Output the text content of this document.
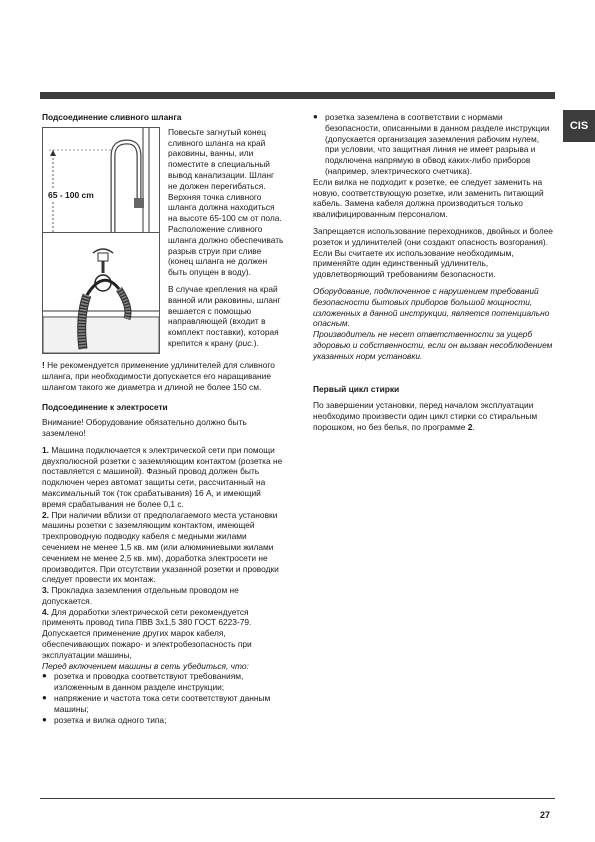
CIS
Подсоединение сливного шланга
65 - 100 cm

Повесьте загнутый конец сливного шланга на край раковины, ванны, или поместите в специальный вывод канализации. Шланг не должен перегибаться. Верхняя точка сливного шланга должна находиться на высоте 65-100 см от пола. Расположение сливного шланга должно обеспечивать разрыв струи при сливе (конец шланга не должен быть опущен в воду).

В случае крепления на край ванной или раковины, шланг вешается с помощью направляющей (входит в комплект поставки), которая крепится к крану (рис.).

! Не рекомендуется применение удлинителей для сливного шланга, при необходимости допускается его наращивание шлангом такого же диаметра и длиной не более 150 см.

Подсоединение к электросети

Внимание! Оборудование обязательно должно быть заземлено!

1. Машина подключается к электрической сети при помощи двухполюсной розетки с заземляющим контактом (розетка не поставляется с машиной). Фазный провод должен быть подключен через автомат защиты сети, рассчитанный на максимальный ток (ток срабатывания) 16 А, и имеющий время срабатывания не более 0,1 с.

2. При наличии вблизи от предполагаемого места установки машины розетки с заземляющим контактом, имеющей трехпроводную подводку кабеля с медными жилами сечением не менее 1,5 кв. мм (или алюминиевыми жилами сечением не менее 2,5 кв. мм), доработка электросети не производится. При отсутствии указанной розетки и проводки следует провести их монтаж.

3. Прокладка заземления отдельным проводом не допускается.

4. Для доработки электрической сети рекомендуется применять провод типа ПВВ 3х1,5 380 ГОСТ 6223-79. Допускается применение других марок кабеля, обеспечивающих пожаро- и электробезопасность при эксплуатации машины,

Перед включением машины в сеть убедиться, что:

● розетка и проводка соответствуют требованиям, изложенным в данном разделе инструкции;

● напряжение и частота тока сети соответствуют данным машины;

● розетка и вилка одного типа;

● розетка заземлена в соответствии с нормами безопасности, описанными в данном разделе инструкции (допускается организация заземления рабочим нулем, при условии, что защитная линия не имеет разрыва и подключена напрямую в обвод каких-либо приборов (например, электрического счетчика).

Если вилка не подходит к розетке, ее следует заменить на новую, соответствующую розетке, или заменить питающий кабель. Замена кабеля должна производиться только квалифицированным персоналом.

Запрещается использование переходников, двойных и более розеток и удлинителей (они создают опасность возгорания). Если Вы считаете их использование необходимым, применяйте один единственный удлинитель, удовлетворяющий требованиям безопасности.

Оборудование, подключенное с нарушением требований безопасности бытовых приборов большой мощности, изложенных в данной инструкции, является потенциально опасным.

Производитель не несет ответственности за ущерб здоровью и собственности, если он вызван несоблюдением указанных норм установки.

Первый цикл стирки

По завершении установки, перед началом эксплуатации необходимо произвести один цикл стирки со стиральным порошком, но без белья, по программе 2.

27
